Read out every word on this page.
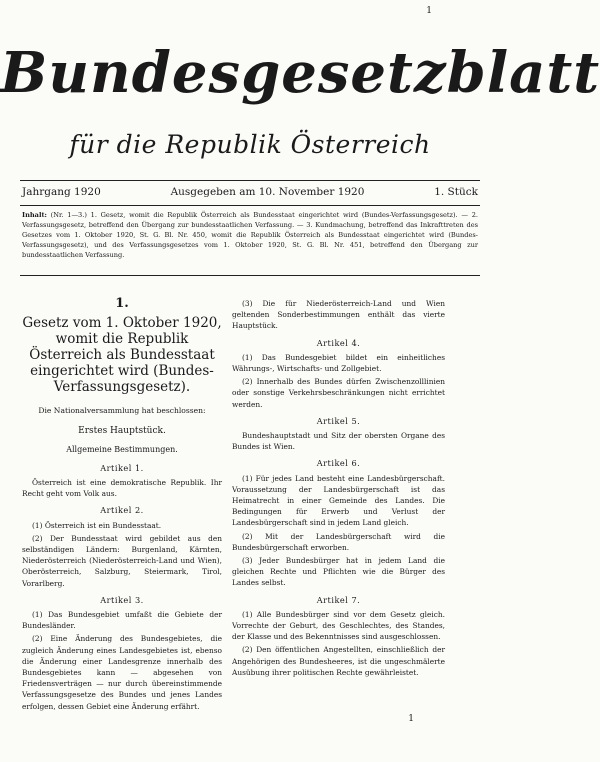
1
Bundesgesetzblatt
für die Republik Österreich
Jahrgang 1920	Ausgegeben am 10. November 1920	1. Stück
Inhalt: (Nr. 1—3.) 1. Gesetz, womit die Republik Österreich als Bundesstaat eingerichtet wird (Bundes-Verfassungsgesetz). — 2. Verfassungsgesetz, betreffend den Übergang zur bundesstaatlichen Verfassung. — 3. Kundmachung, betreffend das Inkrafttreten des Gesetzes vom 1. Oktober 1920, St. G. Bl. Nr. 450, womit die Republik Österreich als Bundesstaat eingerichtet wird (Bundes-Verfassungsgesetz), und des Verfassungsgesetzes vom 1. Oktober 1920, St. G. Bl. Nr. 451, betreffend den Übergang zur bundesstaatlichen Verfassung.
1.
Gesetz vom 1. Oktober 1920, womit die Republik Österreich als Bundesstaat eingerichtet wird (Bundes-Verfassungsgesetz).
Die Nationalversammlung hat beschlossen:
Erstes Hauptstück.
Allgemeine Bestimmungen.
Artikel 1.

Österreich ist eine demokratische Republik. Ihr Recht geht vom Volk aus.

Artikel 2.

(1) Österreich ist ein Bundesstaat.

(2) Der Bundesstaat wird gebildet aus den selbständigen Ländern: Burgenland, Kärnten, Niederösterreich (Niederösterreich-Land und Wien), Oberösterreich, Salzburg, Steiermark, Tirol, Vorarlberg.

Artikel 3.

(1) Das Bundesgebiet umfaßt die Gebiete der Bundesländer.

(2) Eine Änderung des Bundesgebietes, die zugleich Änderung eines Landesgebietes ist, ebenso die Änderung einer Landesgrenze innerhalb des Bundesgebietes kann — abgesehen von Friedensverträgen — nur durch übereinstimmende Verfassungsgesetze des Bundes und jenes Landes erfolgen, dessen Gebiet eine Änderung erfährt.

(3) Die für Niederösterreich-Land und Wien geltenden Sonderbestimmungen enthält das vierte Hauptstück.

Artikel 4.

(1) Das Bundesgebiet bildet ein einheitliches Währungs-, Wirtschafts- und Zollgebiet.

(2) Innerhalb des Bundes dürfen Zwischenzolllinien oder sonstige Verkehrsbeschränkungen nicht errichtet werden.

Artikel 5.

Bundeshauptstadt und Sitz der obersten Organe des Bundes ist Wien.

Artikel 6.

(1) Für jedes Land besteht eine Landesbürgerschaft. Voraussetzung der Landesbürgerschaft ist das Heimatrecht in einer Gemeinde des Landes. Die Bedingungen für Erwerb und Verlust der Landesbürgerschaft sind in jedem Land gleich.

(2) Mit der Landesbürgerschaft wird die Bundesbürgerschaft erworben.

(3) Jeder Bundesbürger hat in jedem Land die gleichen Rechte und Pflichten wie die Bürger des Landes selbst.

Artikel 7.

(1) Alle Bundesbürger sind vor dem Gesetz gleich. Vorrechte der Geburt, des Geschlechtes, des Standes, der Klasse und des Bekenntnisses sind ausgeschlossen.

(2) Den öffentlichen Angestellten, einschließlich der Angehörigen des Bundesheeres, ist die ungeschmälerte Ausübung ihrer politischen Rechte gewährleistet.

1
